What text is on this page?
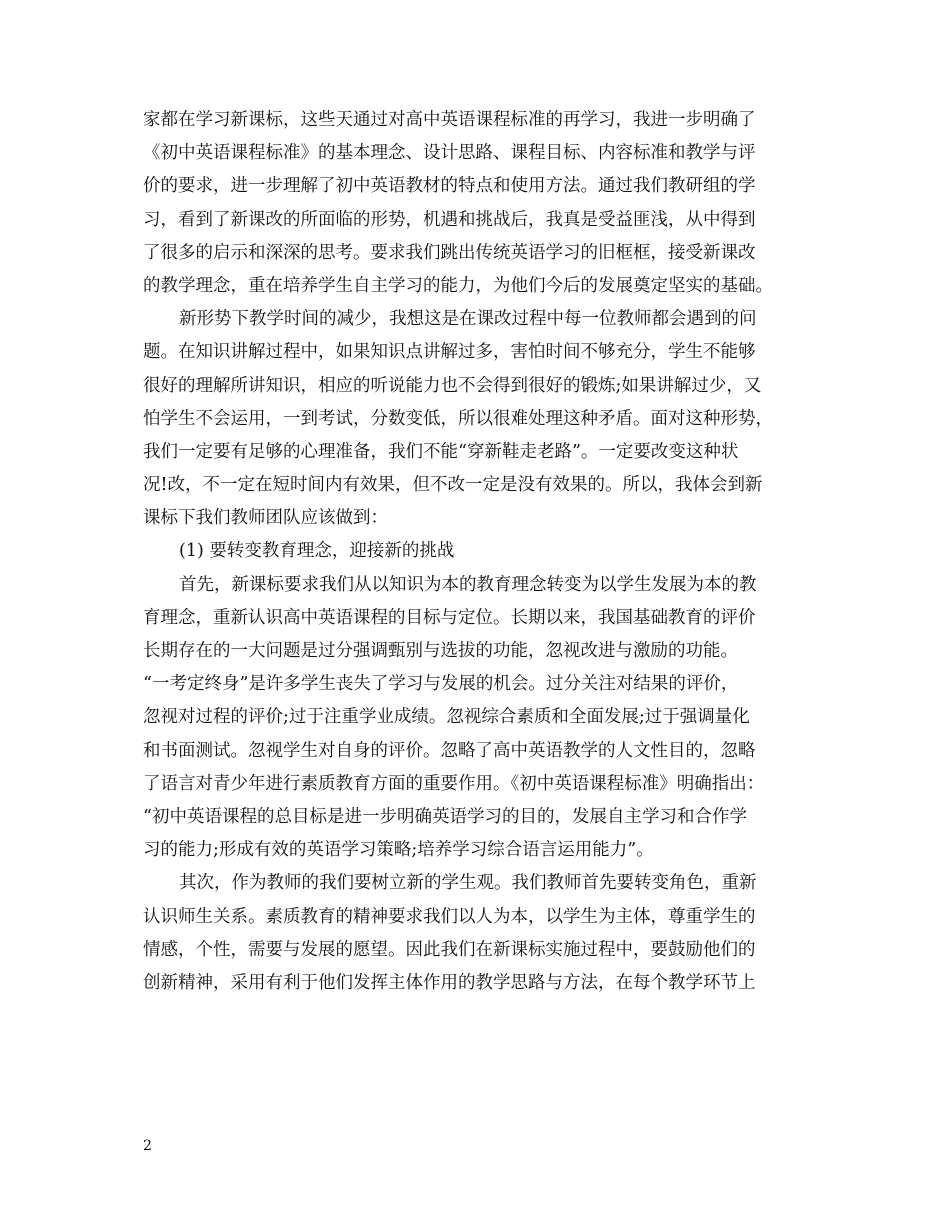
家都在学习新课标，这些天通过对高中英语课程标准的再学习，我进一步明确了
《初中英语课程标准》的基本理念、设计思路、课程目标、内容标准和教学与评
价的要求，进一步理解了初中英语教材的特点和使用方法。通过我们教研组的学
习，看到了新课改的所面临的形势，机遇和挑战后，我真是受益匪浅，从中得到
了很多的启示和深深的思考。要求我们跳出传统英语学习的旧框框，接受新课改
的教学理念，重在培养学生自主学习的能力，为他们今后的发展奠定坚实的基础。
新形势下教学时间的减少，我想这是在课改过程中每一位教师都会遇到的问
题。在知识讲解过程中，如果知识点讲解过多，害怕时间不够充分，学生不能够
很好的理解所讲知识，相应的听说能力也不会得到很好的锻炼;如果讲解过少，又
怕学生不会运用，一到考试，分数变低，所以很难处理这种矛盾。面对这种形势，
我们一定要有足够的心理准备，我们不能“穿新鞋走老路”。一定要改变这种状
况!改，不一定在短时间内有效果，但不改一定是没有效果的。所以，我体会到新
课标下我们教师团队应该做到：
(1) 要转变教育理念，迎接新的挑战
首先，新课标要求我们从以知识为本的教育理念转变为以学生发展为本的教
育理念，重新认识高中英语课程的目标与定位。长期以来，我国基础教育的评价
长期存在的一大问题是过分强调甄别与选拔的功能，忽视改进与激励的功能。
“一考定终身”是许多学生丧失了学习与发展的机会。过分关注对结果的评价，
忽视对过程的评价;过于注重学业成绩。忽视综合素质和全面发展;过于强调量化
和书面测试。忽视学生对自身的评价。忽略了高中英语教学的人文性目的，忽略
了语言对青少年进行素质教育方面的重要作用。《初中英语课程标准》明确指出：
“初中英语课程的总目标是进一步明确英语学习的目的，发展自主学习和合作学
习的能力;形成有效的英语学习策略;培养学习综合语言运用能力”。
其次，作为教师的我们要树立新的学生观。我们教师首先要转变角色，重新
认识师生关系。素质教育的精神要求我们以人为本，以学生为主体，尊重学生的
情感，个性，需要与发展的愿望。因此我们在新课标实施过程中，要鼓励他们的
创新精神，采用有利于他们发挥主体作用的教学思路与方法，在每个教学环节上
2
